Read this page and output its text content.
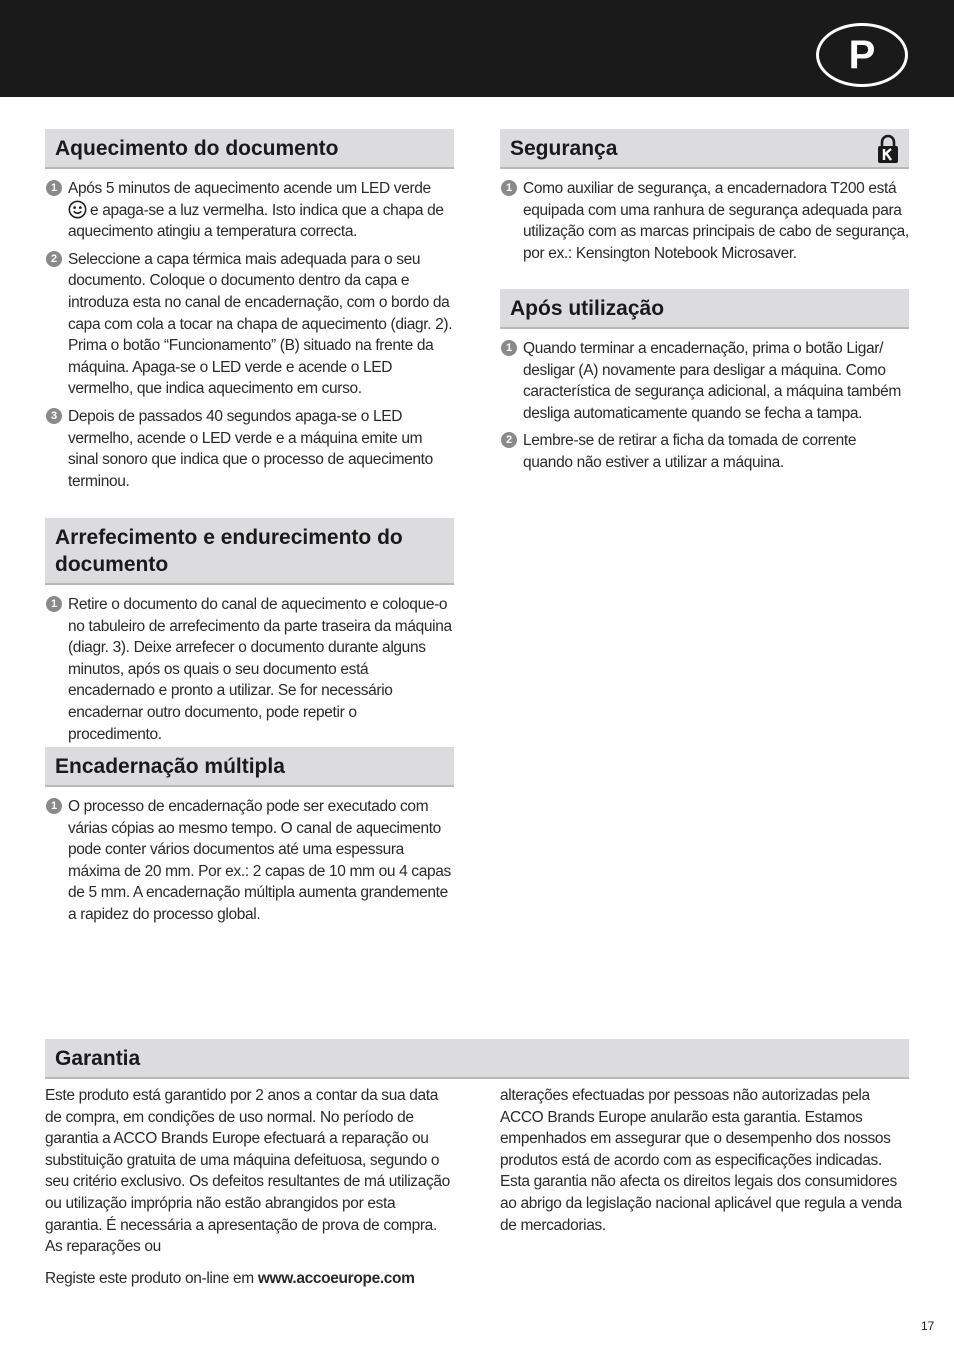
P
Aquecimento do documento
1 Após 5 minutos de aquecimento acende um LED verde
e apaga-se a luz vermelha. Isto indica que a chapa de aquecimento atingiu a temperatura correcta.
2 Seleccione a capa térmica mais adequada para o seu documento. Coloque o documento dentro da capa e introduza esta no canal de encadernação, com o bordo da capa com cola a tocar na chapa de aquecimento (diagr. 2). Prima o botão “Funcionamento” (B) situado na frente da máquina. Apaga-se o LED verde e acende o LED vermelho, que indica aquecimento em curso.
3 Depois de passados 40 segundos apaga-se o LED vermelho, acende o LED verde e a máquina emite um sinal sonoro que indica que o processo de aquecimento terminou.
Arrefecimento e endurecimento do documento
1 Retire o documento do canal de aquecimento e coloque-o no tabuleiro de arrefecimento da parte traseira da máquina (diagr. 3). Deixe arrefecer o documento durante alguns minutos, após os quais o seu documento está encadernado e pronto a utilizar. Se for necessário encadernar outro documento, pode repetir o procedimento.
Encadernação múltipla
1 O processo de encadernação pode ser executado com várias cópias ao mesmo tempo. O canal de aquecimento pode conter vários documentos até uma espessura máxima de 20 mm. Por ex.: 2 capas de 10 mm ou 4 capas de 5 mm. A encadernação múltipla aumenta grandemente a rapidez do processo global.
Segurança
1 Como auxiliar de segurança, a encadernadora T200 está equipada com uma ranhura de segurança adequada para utilização com as marcas principais de cabo de segurança, por ex.: Kensington Notebook Microsaver.
Após utilização
1 Quando terminar a encadernação, prima o botão Ligar/ desligar (A) novamente para desligar a máquina. Como característica de segurança adicional, a máquina também desliga automaticamente quando se fecha a tampa.
2 Lembre-se de retirar a ficha da tomada de corrente quando não estiver a utilizar a máquina.
Garantia

Este produto está garantido por 2 anos a contar da sua data de compra, em condições de uso normal. No período de garantia a ACCO Brands Europe efectuará a reparação ou substituição gratuita de uma máquina defeituosa, segundo o seu critério exclusivo. Os defeitos resultantes de má utilização ou utilização imprópria não estão abrangidos por esta garantia. É necessária a apresentação de prova de compra. As reparações ou

Registe este produto on-line em www.accoeurope.com

alterações efectuadas por pessoas não autorizadas pela ACCO Brands Europe anularão esta garantia. Estamos empenhados em assegurar que o desempenho dos nossos produtos está de acordo com as especificações indicadas. Esta garantia não afecta os direitos legais dos consumidores ao abrigo da legislação nacional aplicável que regula a venda de mercadorias.

17
